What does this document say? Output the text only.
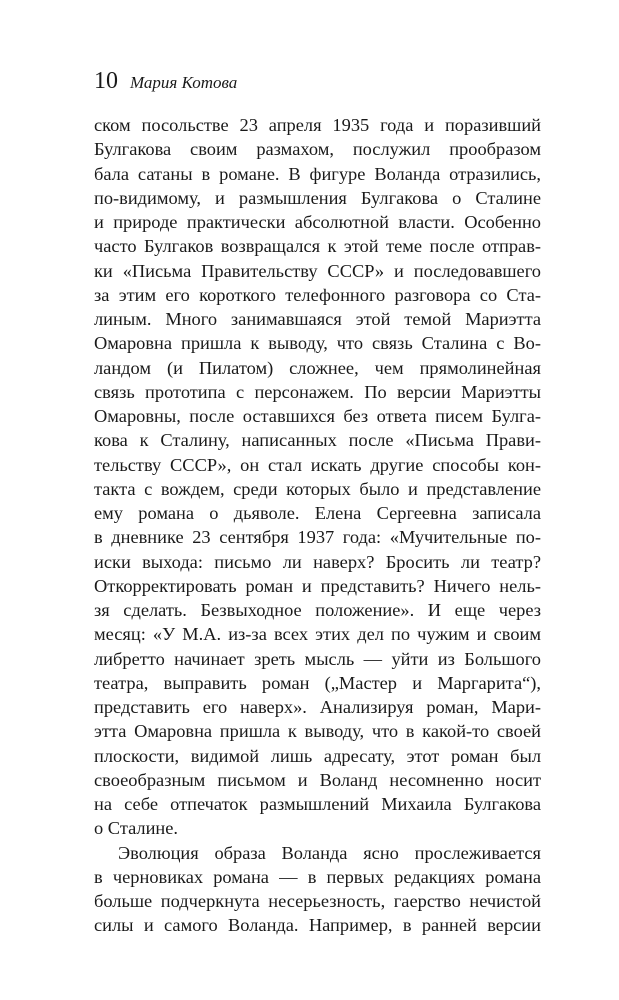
10 Мария Котова
ском посольстве 23 апреля 1935 года и поразивший
Булгакова своим размахом, послужил прообразом
бала сатаны в романе. В фигуре Воланда отразились,
по-видимому, и размышления Булгакова о Сталине
и природе практически абсолютной власти. Особенно
часто Булгаков возвращался к этой теме после отправ-
ки «Письма Правительству СССР» и последовавшего
за этим его короткого телефонного разговора со Ста-
линым. Много занимавшаяся этой темой Мариэтта
Омаровна пришла к выводу, что связь Сталина с Во-
ландом (и Пилатом) сложнее, чем прямолинейная
связь прототипа с персонажем. По версии Мариэтты
Омаровны, после оставшихся без ответа писем Булга-
кова к Сталину, написанных после «Письма Прави-
тельству СССР», он стал искать другие способы кон-
такта с вождем, среди которых было и представление
ему романа о дьяволе. Елена Сергеевна записала
в дневнике 23 сентября 1937 года: «Мучительные по-
иски выхода: письмо ли наверх? Бросить ли театр?
Откорректировать роман и представить? Ничего нель-
зя сделать. Безвыходное положение». И еще через
месяц: «У М.А. из-за всех этих дел по чужим и своим
либретто начинает зреть мысль — уйти из Большого
театра, выправить роман („Мастер и Маргарита“),
представить его наверх». Анализируя роман, Мари-
этта Омаровна пришла к выводу, что в какой-то своей
плоскости, видимой лишь адресату, этот роман был
своеобразным письмом и Воланд несомненно носит
на себе отпечаток размышлений Михаила Булгакова
о Сталине.
Эволюция образа Воланда ясно прослеживается
в черновиках романа — в первых редакциях романа
больше подчеркнута несерьезность, гаерство нечистой
силы и самого Воланда. Например, в ранней версии
